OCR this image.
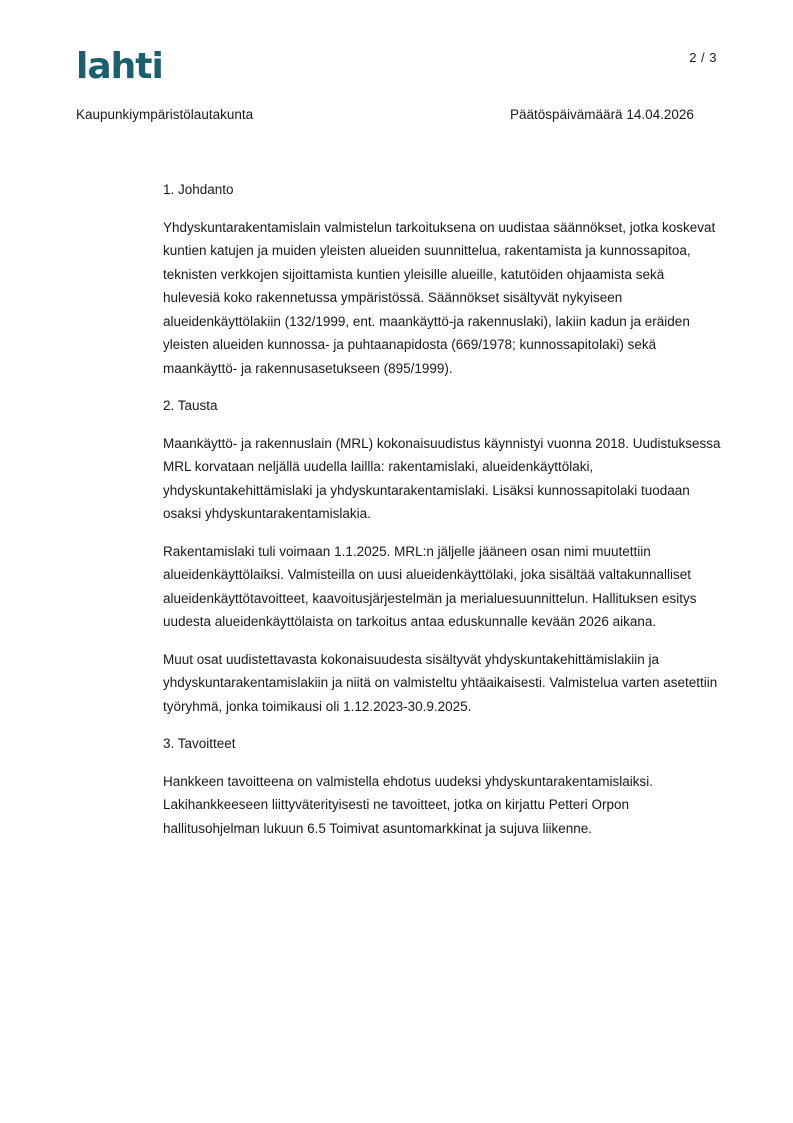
lahti	2 / 3
Kaupunkiympäristölautakunta	Päätöspäivämäärä 14.04.2026
1. Johdanto

Yhdyskuntarakentamislain valmistelun tarkoituksena on uudistaa säännökset, jotka koskevat kuntien katujen ja muiden yleisten alueiden suunnittelua, rakentamista ja kunnossapitoa, teknisten verkkojen sijoittamista kuntien yleisille alueille, katutöiden ohjaamista sekä hulevesiä koko rakennetussa ympäristössä. Säännökset sisältyvät nykyiseen alueidenkäyttölakiin (132/1999, ent. maankäyttö-ja rakennuslaki), lakiin kadun ja eräiden yleisten alueiden kunnossa- ja puhtaanapidosta (669/1978; kunnossapitolaki) sekä maankäyttö- ja rakennusasetukseen (895/1999).

2. Tausta

Maankäyttö- ja rakennuslain (MRL) kokonaisuudistus käynnistyi vuonna 2018. Uudistuksessa MRL korvataan neljällä uudella laillla: rakentamislaki, alueidenkäyttölaki, yhdyskuntakehittämislaki ja yhdyskuntarakentamislaki. Lisäksi kunnossapitolaki tuodaan osaksi yhdyskuntarakentamislakia.

Rakentamislaki tuli voimaan 1.1.2025. MRL:n jäljelle jääneen osan nimi muutettiin alueidenkäyttölaiksi. Valmisteilla on uusi alueidenkäyttölaki, joka sisältää valtakunnalliset alueidenkäyttötavoitteet, kaavoitusjärjestelmän ja merialuesuunnittelun. Hallituksen esitys uudesta alueidenkäyttölaista on tarkoitus antaa eduskunnalle kevään 2026 aikana.

Muut osat uudistettavasta kokonaisuudesta sisältyvät yhdyskuntakehittämislakiin ja yhdyskuntarakentamislakiin ja niitä on valmisteltu yhtäaikaisesti. Valmistelua varten asetettiin työryhmä, jonka toimikausi oli 1.12.2023-30.9.2025.

3. Tavoitteet

Hankkeen tavoitteena on valmistella ehdotus uudeksi yhdyskuntarakentamislaiksi. Lakihankkeeseen liittyväterityisesti ne tavoitteet, jotka on kirjattu Petteri Orpon hallitusohjelman lukuun 6.5 Toimivat asuntomarkkinat ja sujuva liikenne.
